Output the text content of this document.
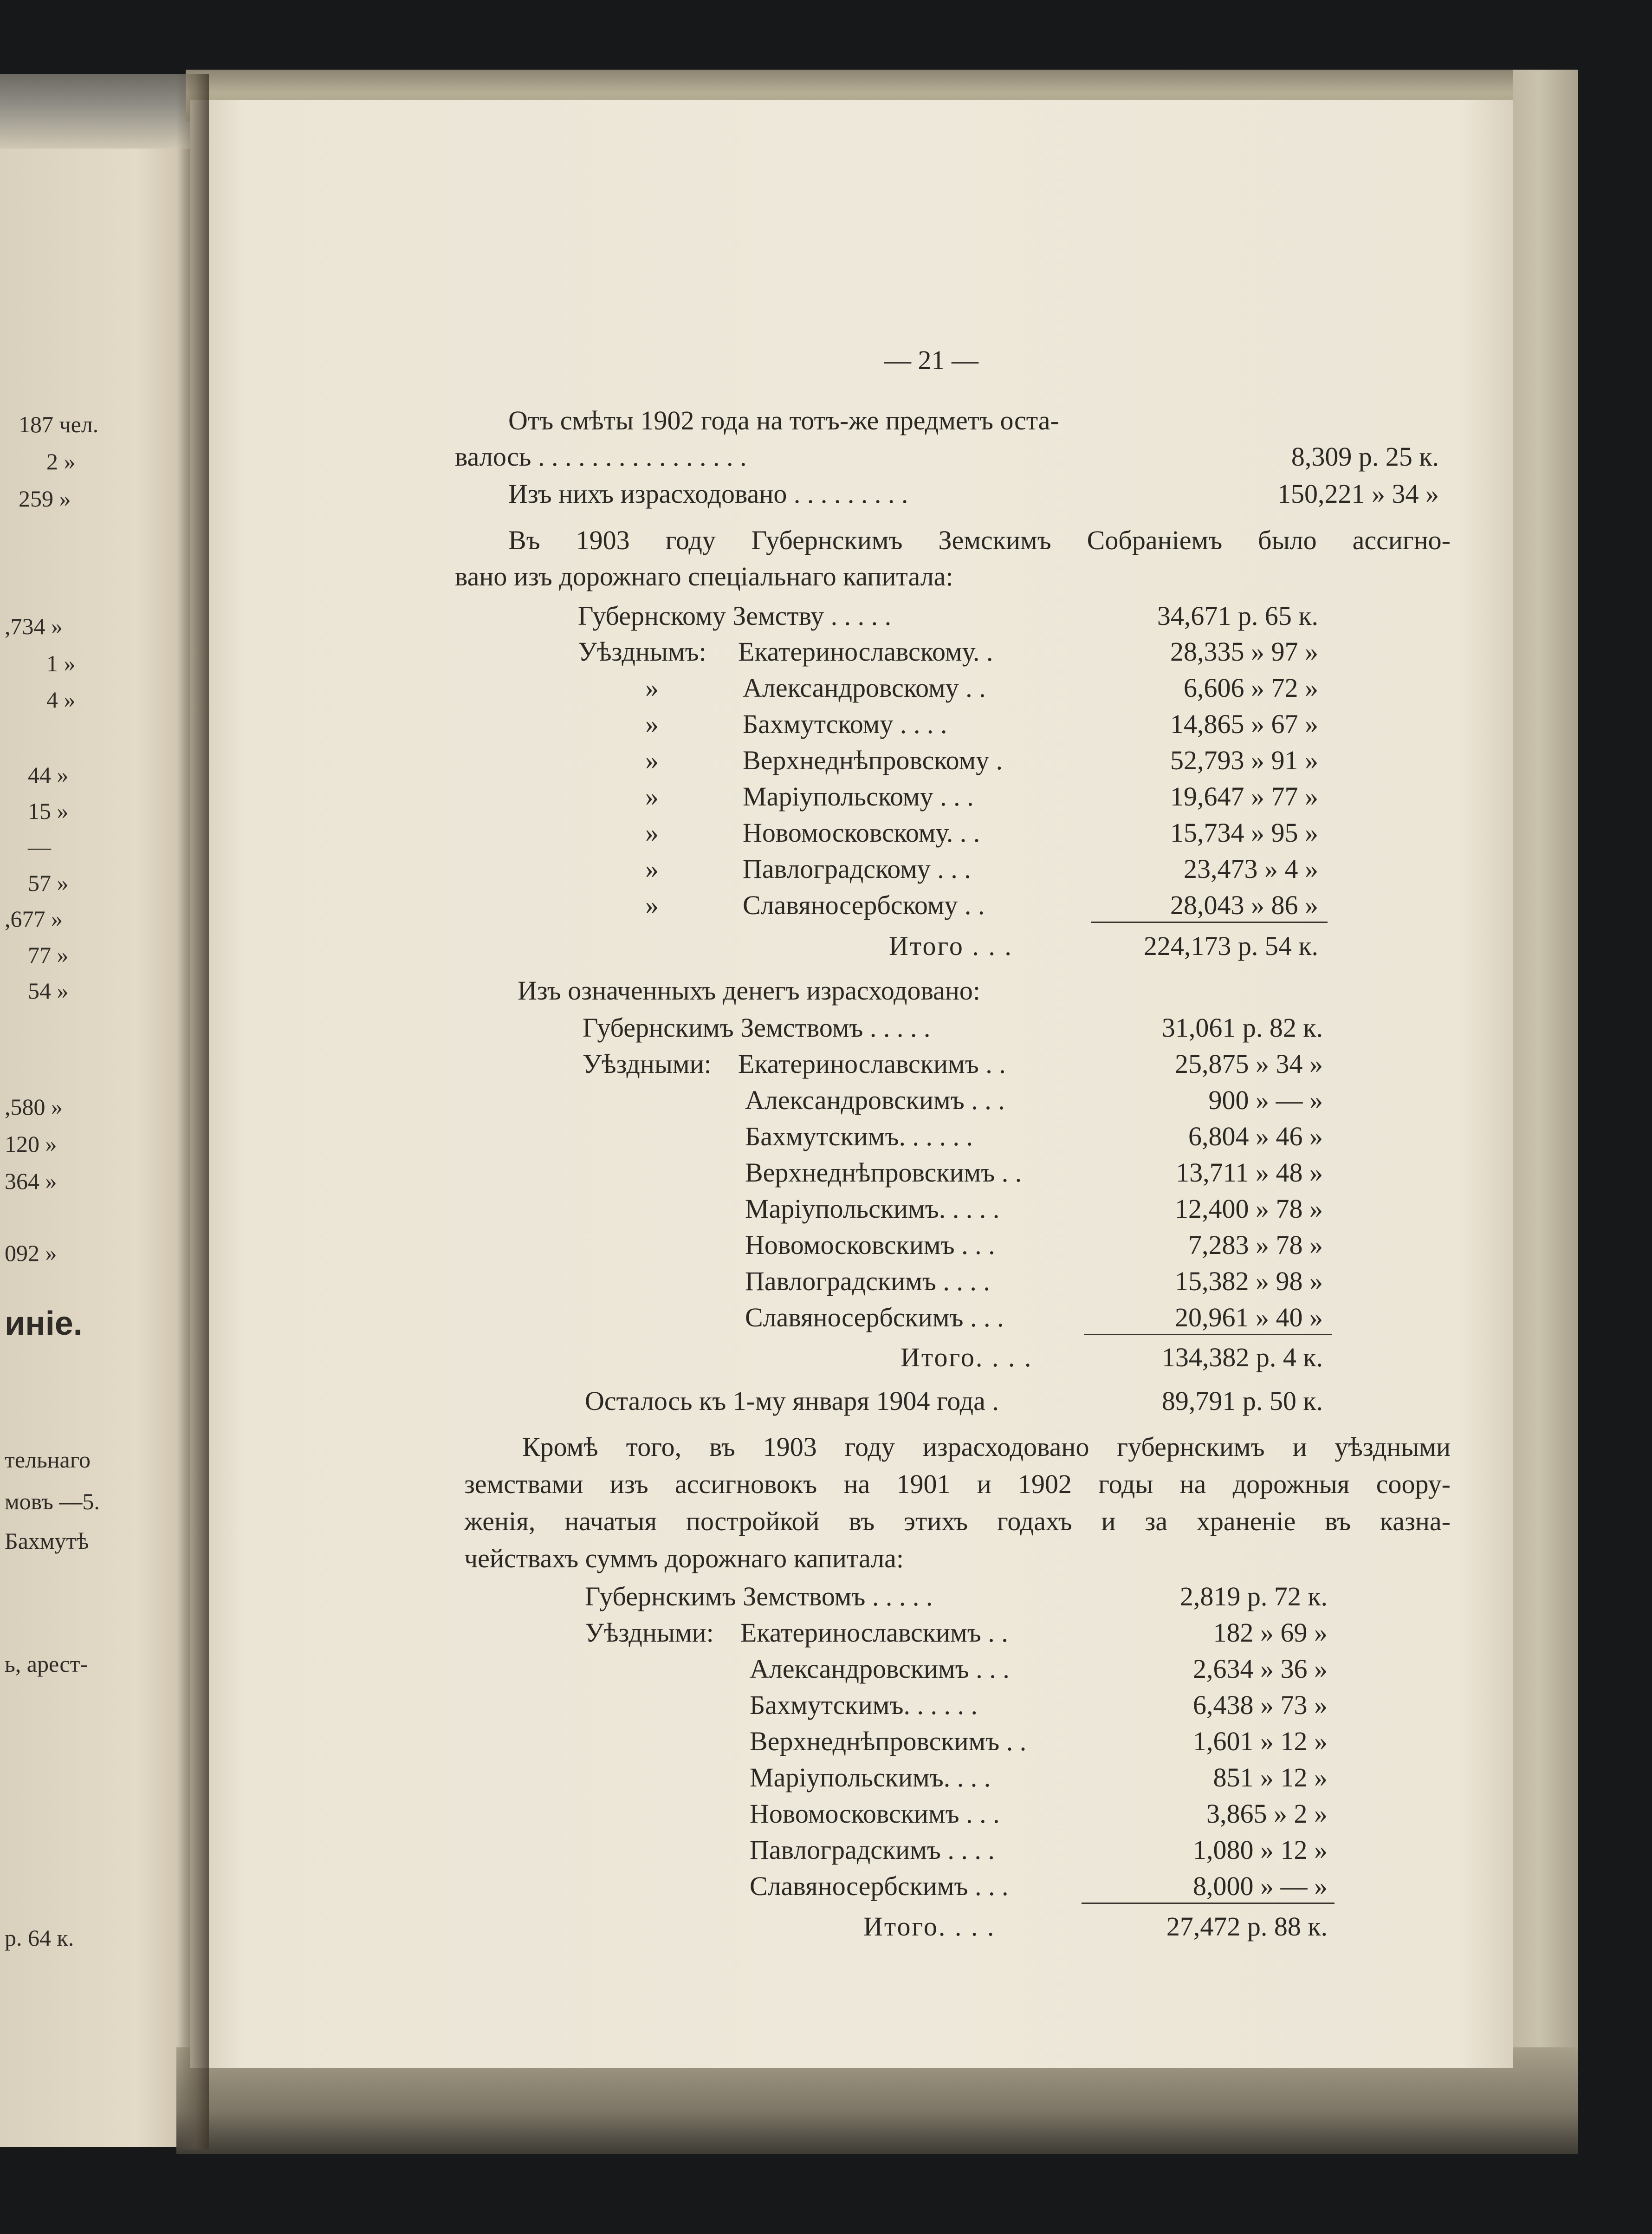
187 чел.
2 »
259 »
,734 »
1 »
4 »
44 »
15 »
—
57 »
,677 »
77 »
54 »
,580 »
120 »
364 »
092 »
иніе.
тельнаго
мовъ —5.
Бахмутѣ
ь, арест-
р. 64 к.
— 21 —
Отъ смѣты 1902 года на тотъ-же предметъ оста-
валось . . . . . . . . . . . . . . . .	8,309 р. 25 к.
Изъ нихъ израсходовано . . . . . . . . .	150,221 » 34 »
Въ 1903 году Губернскимъ Земскимъ Собраніемъ было ассигно-
вано изъ дорожнаго спеціальнаго капитала:
Губернскому Земству . . . . .	34,671 р. 65 к.
Уѣзднымъ: Екатеринославскому. .	28,335 » 97 »
»	Александровскому . .	6,606 » 72 »
»	Бахмутскому . . . .	14,865 » 67 »
»	Верхнеднѣпровскому .	52,793 » 91 »
»	Маріупольскому . . .	19,647 » 77 »
»	Новомосковскому. . .	15,734 » 95 »
»	Павлоградскому . . .	23,473 » 4 »
»	Славяносербскому . .	28,043 » 86 »
Итого . . .	224,173 р. 54 к.
Изъ означенныхъ денегъ израсходовано:
Губернскимъ Земствомъ . . . . .	31,061 р. 82 к.
Уѣздными: Екатеринославскимъ . .	25,875 » 34 »
Александровскимъ . . .	900 » — »
Бахмутскимъ. . . . . .	6,804 » 46 »
Верхнеднѣпровскимъ . .	13,711 » 48 »
Маріупольскимъ. . . . .	12,400 » 78 »
Новомосковскимъ . . .	7,283 » 78 »
Павлоградскимъ . . . .	15,382 » 98 »
Славяносербскимъ . . .	20,961 » 40 »
Итого. . . .	134,382 р. 4 к.
Осталось къ 1-му января 1904 года .	89,791 р. 50 к.
Кромѣ того, въ 1903 году израсходовано губернскимъ и уѣздными
земствами изъ ассигновокъ на 1901 и 1902 годы на дорожныя соору-
женія, начатыя постройкой въ этихъ годахъ и за храненіе въ казна-
чействахъ суммъ дорожнаго капитала:
Губернскимъ Земствомъ . . . . .	2,819 р. 72 к.
Уѣздными: Екатеринославскимъ . .	182 » 69 »
Александровскимъ . . .	2,634 » 36 »
Бахмутскимъ. . . . . .	6,438 » 73 »
Верхнеднѣпровскимъ . .	1,601 » 12 »
Маріупольскимъ. . . .	851 » 12 »
Новомосковскимъ . . .	3,865 » 2 »
Павлоградскимъ . . . .	1,080 » 12 »
Славяносербскимъ . . .	8,000 » — »
Итого. . . .	27,472 р. 88 к.
